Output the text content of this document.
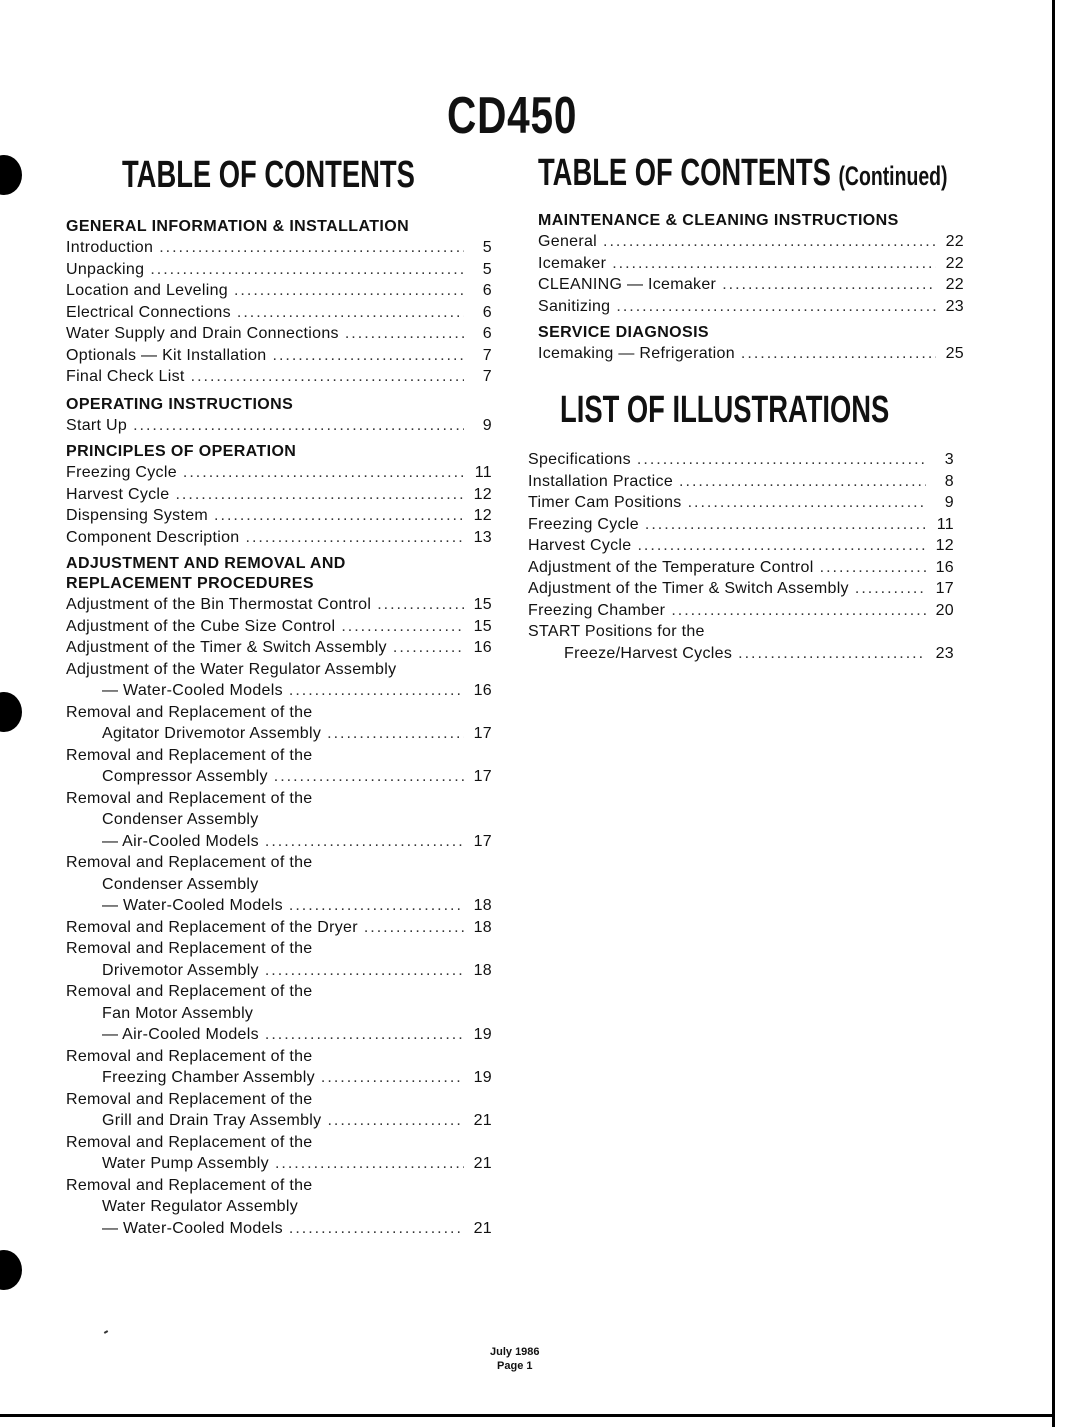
CD450
TABLE OF CONTENTS	TABLE OF CONTENTS (Continued)
LIST OF ILLUSTRATIONS
GENERAL INFORMATION & INSTALLATION
Introduction .....	5
Unpacking .....	5
Location and Leveling .....	6
Electrical Connections .....	6
Water Supply and Drain Connections .....	6
Optionals — Kit Installation .....	7
Final Check List .....	7
OPERATING INSTRUCTIONS
Start Up .....	9
PRINCIPLES OF OPERATION
Freezing Cycle .....	11
Harvest Cycle .....	12
Dispensing System .....	12
Component Description .....	13
ADJUSTMENT AND REMOVAL AND
REPLACEMENT PROCEDURES
Adjustment of the Bin Thermostat Control .....	15
Adjustment of the Cube Size Control .....	15
Adjustment of the Timer & Switch Assembly .....	16
Adjustment of the Water Regulator Assembly
— Water-Cooled Models .....	16
Removal and Replacement of the
Agitator Drivemotor Assembly .....	17
Removal and Replacement of the
Compressor Assembly .....	17
Removal and Replacement of the
Condenser Assembly
— Air-Cooled Models .....	17
Removal and Replacement of the
Condenser Assembly
— Water-Cooled Models .....	18
Removal and Replacement of the Dryer .....	18
Removal and Replacement of the
Drivemotor Assembly .....	18
Removal and Replacement of the
Fan Motor Assembly
— Air-Cooled Models .....	19
Removal and Replacement of the
Freezing Chamber Assembly .....	19
Removal and Replacement of the
Grill and Drain Tray Assembly .....	21
Removal and Replacement of the
Water Pump Assembly .....	21
Removal and Replacement of the
Water Regulator Assembly
— Water-Cooled Models .....	21
MAINTENANCE & CLEANING INSTRUCTIONS
General .....	22
Icemaker .....	22
CLEANING — Icemaker .....	22
Sanitizing .....	23
SERVICE DIAGNOSIS
Icemaking — Refrigeration .....	25
Specifications .....	3
Installation Practice .....	8
Timer Cam Positions .....	9
Freezing Cycle .....	11
Harvest Cycle .....	12
Adjustment of the Temperature Control .....	16
Adjustment of the Timer & Switch Assembly .....	17
Freezing Chamber .....	20
START Positions for the
Freeze/Harvest Cycles .....	23
July 1986
Page 1
